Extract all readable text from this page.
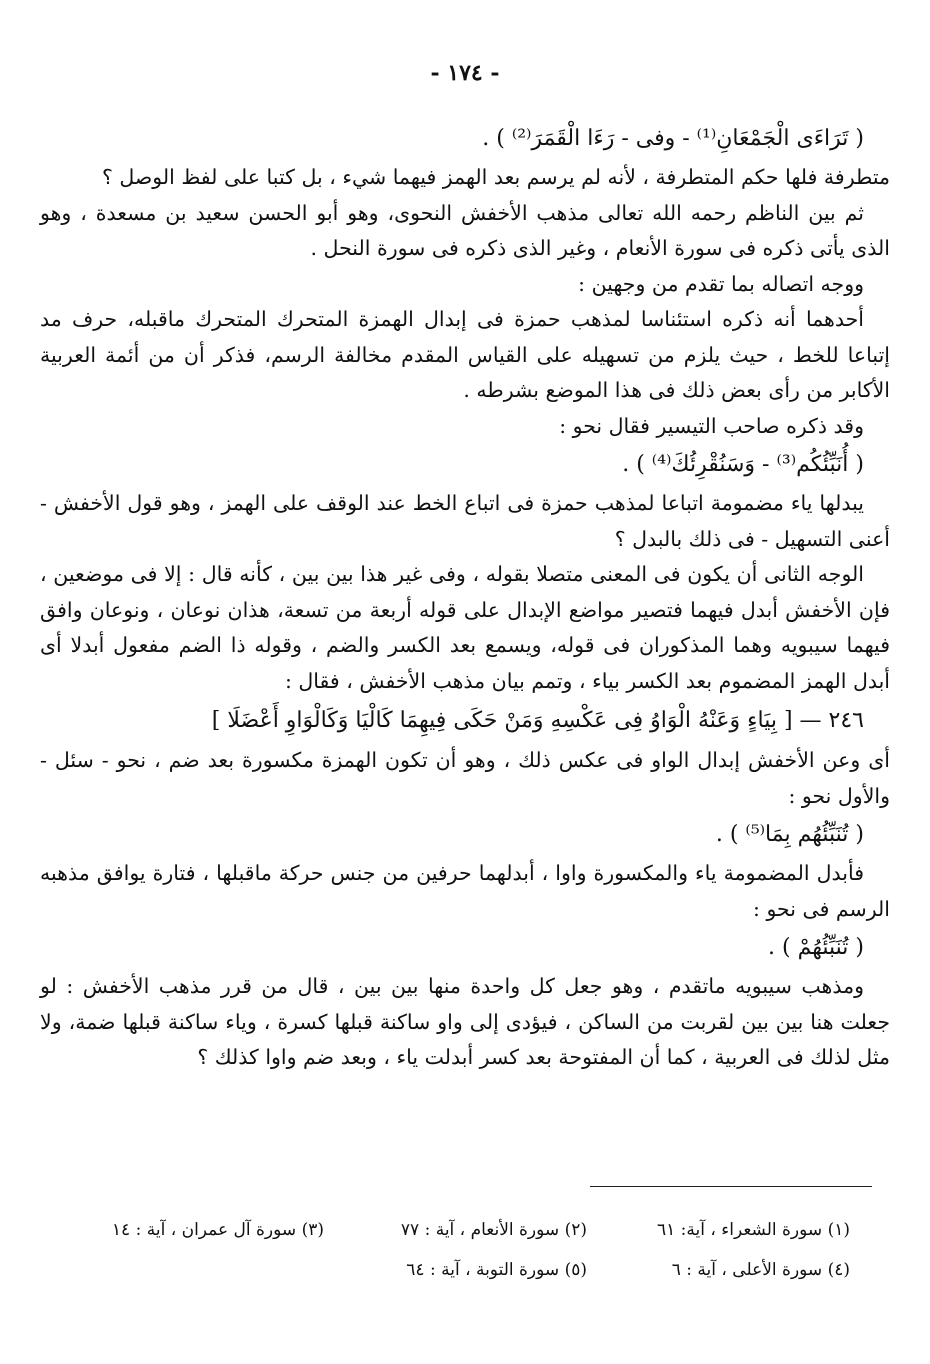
- ١٧٤ -

( تَرَاءَى الْجَمْعَانِ⁽¹⁾ - وفى - رَءَا الْقَمَرَ⁽²⁾ ) .

متطرفة فلها حكم المتطرفة ، لأنه لم يرسم بعد الهمز فيهما شيء ، بل كتبا على لفظ الوصل ؟

ثم بين الناظم رحمه الله تعالى مذهب الأخفش النحوى، وهو أبو الحسن سعيد بن مسعدة ، وهو الذى يأتى ذكره فى سورة الأنعام ، وغير الذى ذكره فى سورة النحل .

ووجه اتصاله بما تقدم من وجهين :

أحدهما أنه ذكره استئناسا لمذهب حمزة فى إبدال الهمزة المتحرك المتحرك ماقبله، حرف مد إتباعا للخط ، حيث يلزم من تسهيله على القياس المقدم مخالفة الرسم، فذكر أن من أئمة العربية الأكابر من رأى بعض ذلك فى هذا الموضع بشرطه .

وقد ذكره صاحب التيسير فقال نحو :

( أُنَبِّئُكُم⁽³⁾ - وَسَنُقْرِئُكَ⁽⁴⁾ ) .

يبدلها ياء مضمومة اتباعا لمذهب حمزة فى اتباع الخط عند الوقف على الهمز ، وهو قول الأخفش - أعنى التسهيل - فى ذلك بالبدل ؟

الوجه الثانى أن يكون فى المعنى متصلا بقوله ، وفى غير هذا بين بين ، كأنه قال : إلا فى موضعين ، فإن الأخفش أبدل فيهما فتصير مواضع الإبدال على قوله أربعة من تسعة، هذان نوعان ، ونوعان وافق فيهما سيبويه وهما المذكوران فى قوله، ويسمع بعد الكسر والضم ، وقوله ذا الضم مفعول أبدلا أى أبدل الهمز المضموم بعد الكسر بياء ، وتمم بيان مذهب الأخفش ، فقال :

٢٤٦ — [ بِيَاءٍ وَعَنْهُ الْوَاوُ فِى عَكْسِهِ وَمَنْ حَكَى فِيهِمَا كَالْيَا وَكَالْوَاوِ أَعْضَلَا ]

أى وعن الأخفش إبدال الواو فى عكس ذلك ، وهو أن تكون الهمزة مكسورة بعد ضم ، نحو - سئل - والأول نحو :

( تُنَبِّئُهُم بِمَا⁽⁵⁾ ) .

فأبدل المضمومة ياء والمكسورة واوا ، أبدلهما حرفين من جنس حركة ماقبلها ، فتارة يوافق مذهبه الرسم فى نحو :

( تُنَبِّئُهُمْ ) .

ومذهب سيبويه ماتقدم ، وهو جعل كل واحدة منها بين بين ، قال من قرر مذهب الأخفش : لو جعلت هنا بين بين لقربت من الساكن ، فيؤدى إلى واو ساكنة قبلها كسرة ، وياء ساكنة قبلها ضمة، ولا مثل لذلك فى العربية ، كما أن المفتوحة بعد كسر أبدلت ياء ، وبعد ضم واوا كذلك ؟

(١) سورة الشعراء ، آية: ٦١
(٢) سورة الأنعام ، آية : ٧٧
(٣) سورة آل عمران ، آية : ١٤
(٤) سورة الأعلى ، آية : ٦
(٥) سورة التوبة ، آية : ٦٤
